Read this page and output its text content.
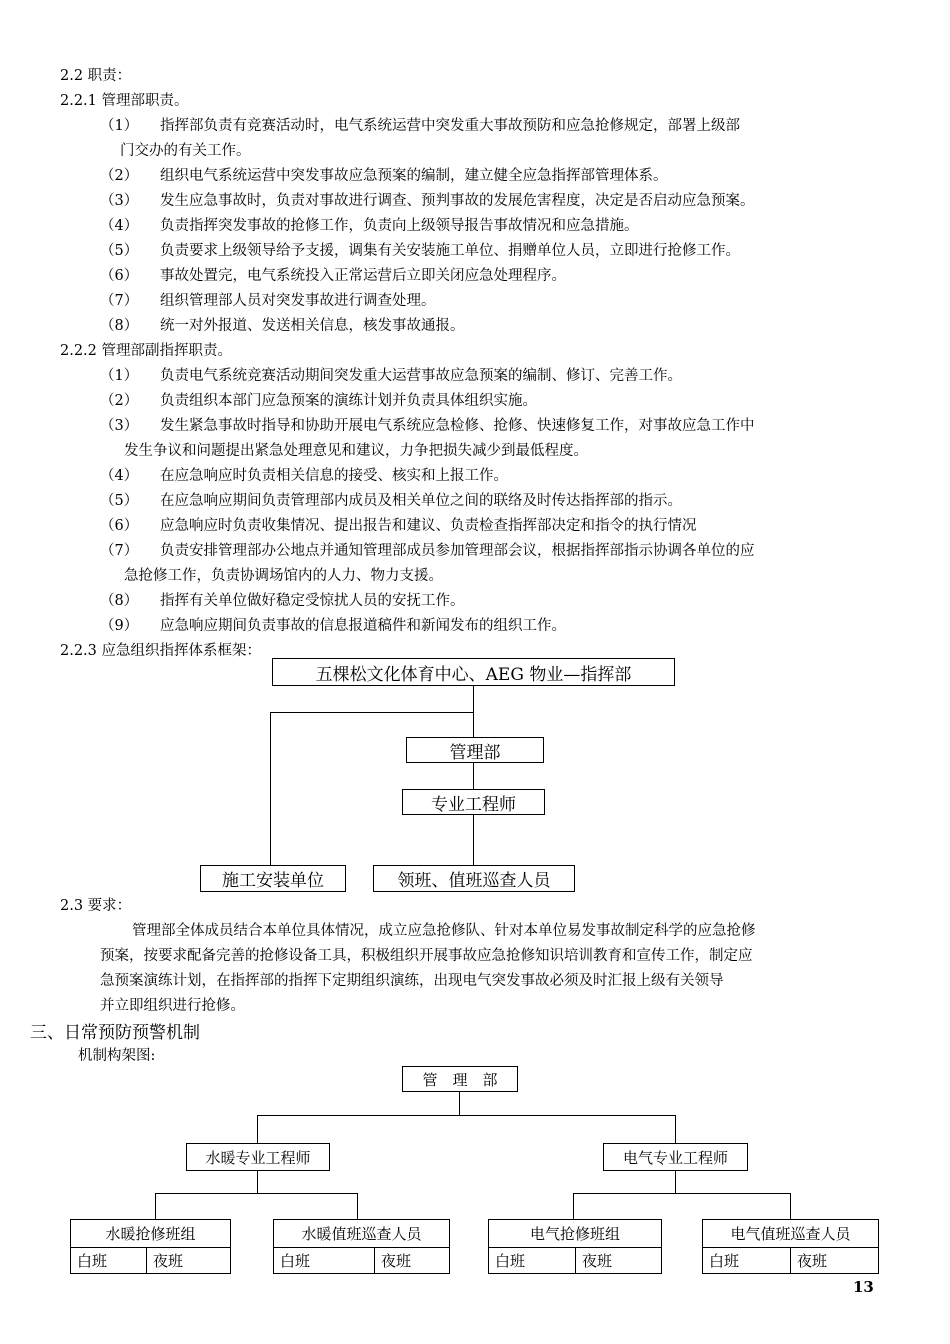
2.2 职责：
2.2.1 管理部职责。
（1） 指挥部负责有竞赛活动时，电气系统运营中突发重大事故预防和应急抢修规定，部署上级部
门交办的有关工作。
（2） 组织电气系统运营中突发事故应急预案的编制，建立健全应急指挥部管理体系。
（3） 发生应急事故时，负责对事故进行调查、预判事故的发展危害程度，决定是否启动应急预案。
（4） 负责指挥突发事故的抢修工作，负责向上级领导报告事故情况和应急措施。
（5） 负责要求上级领导给予支援，调集有关安装施工单位、捐赠单位人员，立即进行抢修工作。
（6） 事故处置完，电气系统投入正常运营后立即关闭应急处理程序。
（7） 组织管理部人员对突发事故进行调查处理。
（8） 统一对外报道、发送相关信息，核发事故通报。
2.2.2 管理部副指挥职责。
（1） 负责电气系统竞赛活动期间突发重大运营事故应急预案的编制、修订、完善工作。
（2） 负责组织本部门应急预案的演练计划并负责具体组织实施。
（3） 发生紧急事故时指导和协助开展电气系统应急检修、抢修、快速修复工作，对事故应急工作中
发生争议和问题提出紧急处理意见和建议，力争把损失减少到最低程度。
（4） 在应急响应时负责相关信息的接受、核实和上报工作。
（5） 在应急响应期间负责管理部内成员及相关单位之间的联络及时传达指挥部的指示。
（6） 应急响应时负责收集情况、提出报告和建议、负责检查指挥部决定和指令的执行情况
（7） 负责安排管理部办公地点并通知管理部成员参加管理部会议，根据指挥部指示协调各单位的应
急抢修工作，负责协调场馆内的人力、物力支援。
（8） 指挥有关单位做好稳定受惊扰人员的安抚工作。
（9） 应急响应期间负责事故的信息报道稿件和新闻发布的组织工作。
2.2.3 应急组织指挥体系框架：
五棵松文化体育中心、AEG 物业—指挥部
管理部
专业工程师
施工安装单位	领班、值班巡查人员
2.3 要求：
管理部全体成员结合本单位具体情况，成立应急抢修队、针对本单位易发事故制定科学的应急抢修
预案，按要求配备完善的抢修设备工具，积极组织开展事故应急抢修知识培训教育和宣传工作，制定应
急预案演练计划，在指挥部的指挥下定期组织演练，出现电气突发事故必须及时汇报上级有关领导
并立即组织进行抢修。
三、日常预防预警机制
机制构架图:
管　理　部
水暖专业工程师	电气专业工程师
水暖抢修班组
白班	夜班
水暖值班巡查人员
白班	夜班
电气抢修班组
白班	夜班
电气值班巡查人员
白班	夜班
13
